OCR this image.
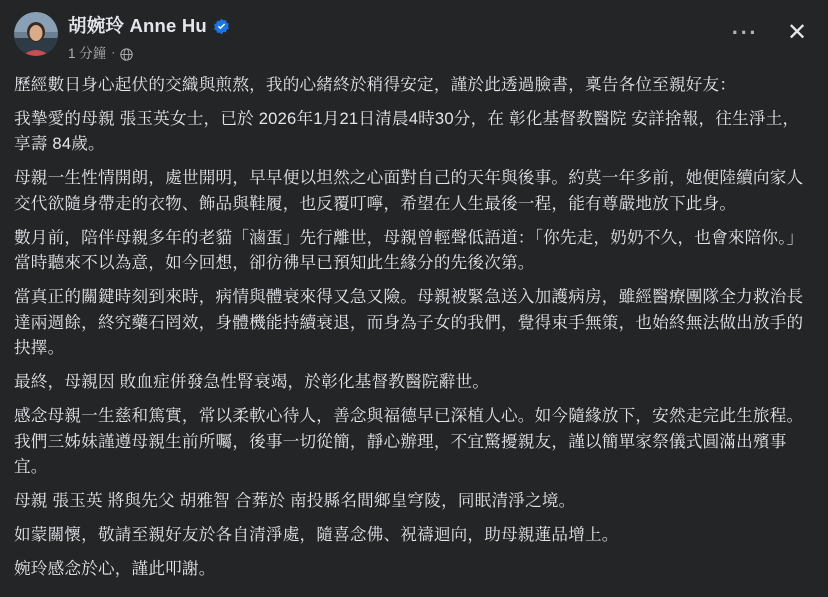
胡婉玲 Anne Hu
1 分鐘 ·
··· ✕

歷經數日身心起伏的交織與煎熬，我的心緒終於稍得安定，謹於此透過臉書，稟告各位至親好友：

我摯愛的母親 張玉英女士，已於 2026年1月21日清晨4時30分，在 彰化基督教醫院 安詳捨報，往生淨土，享壽 84歲。

母親一生性情開朗，處世開明，早早便以坦然之心面對自己的天年與後事。約莫一年多前，她便陸續向家人交代欲隨身帶走的衣物、飾品與鞋履，也反覆叮嚀，希望在人生最後一程，能有尊嚴地放下此身。

數月前，陪伴母親多年的老貓「滷蛋」先行離世，母親曾輕聲低語道：「你先走，奶奶不久，也會來陪你。」當時聽來不以為意，如今回想，卻彷彿早已預知此生緣分的先後次第。

當真正的關鍵時刻到來時，病情與體衰來得又急又險。母親被緊急送入加護病房，雖經醫療團隊全力救治長達兩週餘，終究藥石罔效，身體機能持續衰退，而身為子女的我們，覺得束手無策，也始終無法做出放手的抉擇。

最終，母親因 敗血症併發急性腎衰竭，於彰化基督教醫院辭世。

感念母親一生慈和篤實，常以柔軟心待人，善念與福德早已深植人心。如今隨緣放下，安然走完此生旅程。我們三姊妹謹遵母親生前所囑，後事一切從簡，靜心辦理，不宜驚擾親友，謹以簡單家祭儀式圓滿出殯事宜。

母親 張玉英 將與先父 胡雅智 合葬於 南投縣名間鄉皇穹陵，同眠清淨之境。

如蒙關懷，敬請至親好友於各自清淨處，隨喜念佛、祝禱迴向，助母親蓮品增上。

婉玲感念於心，謹此叩謝。
